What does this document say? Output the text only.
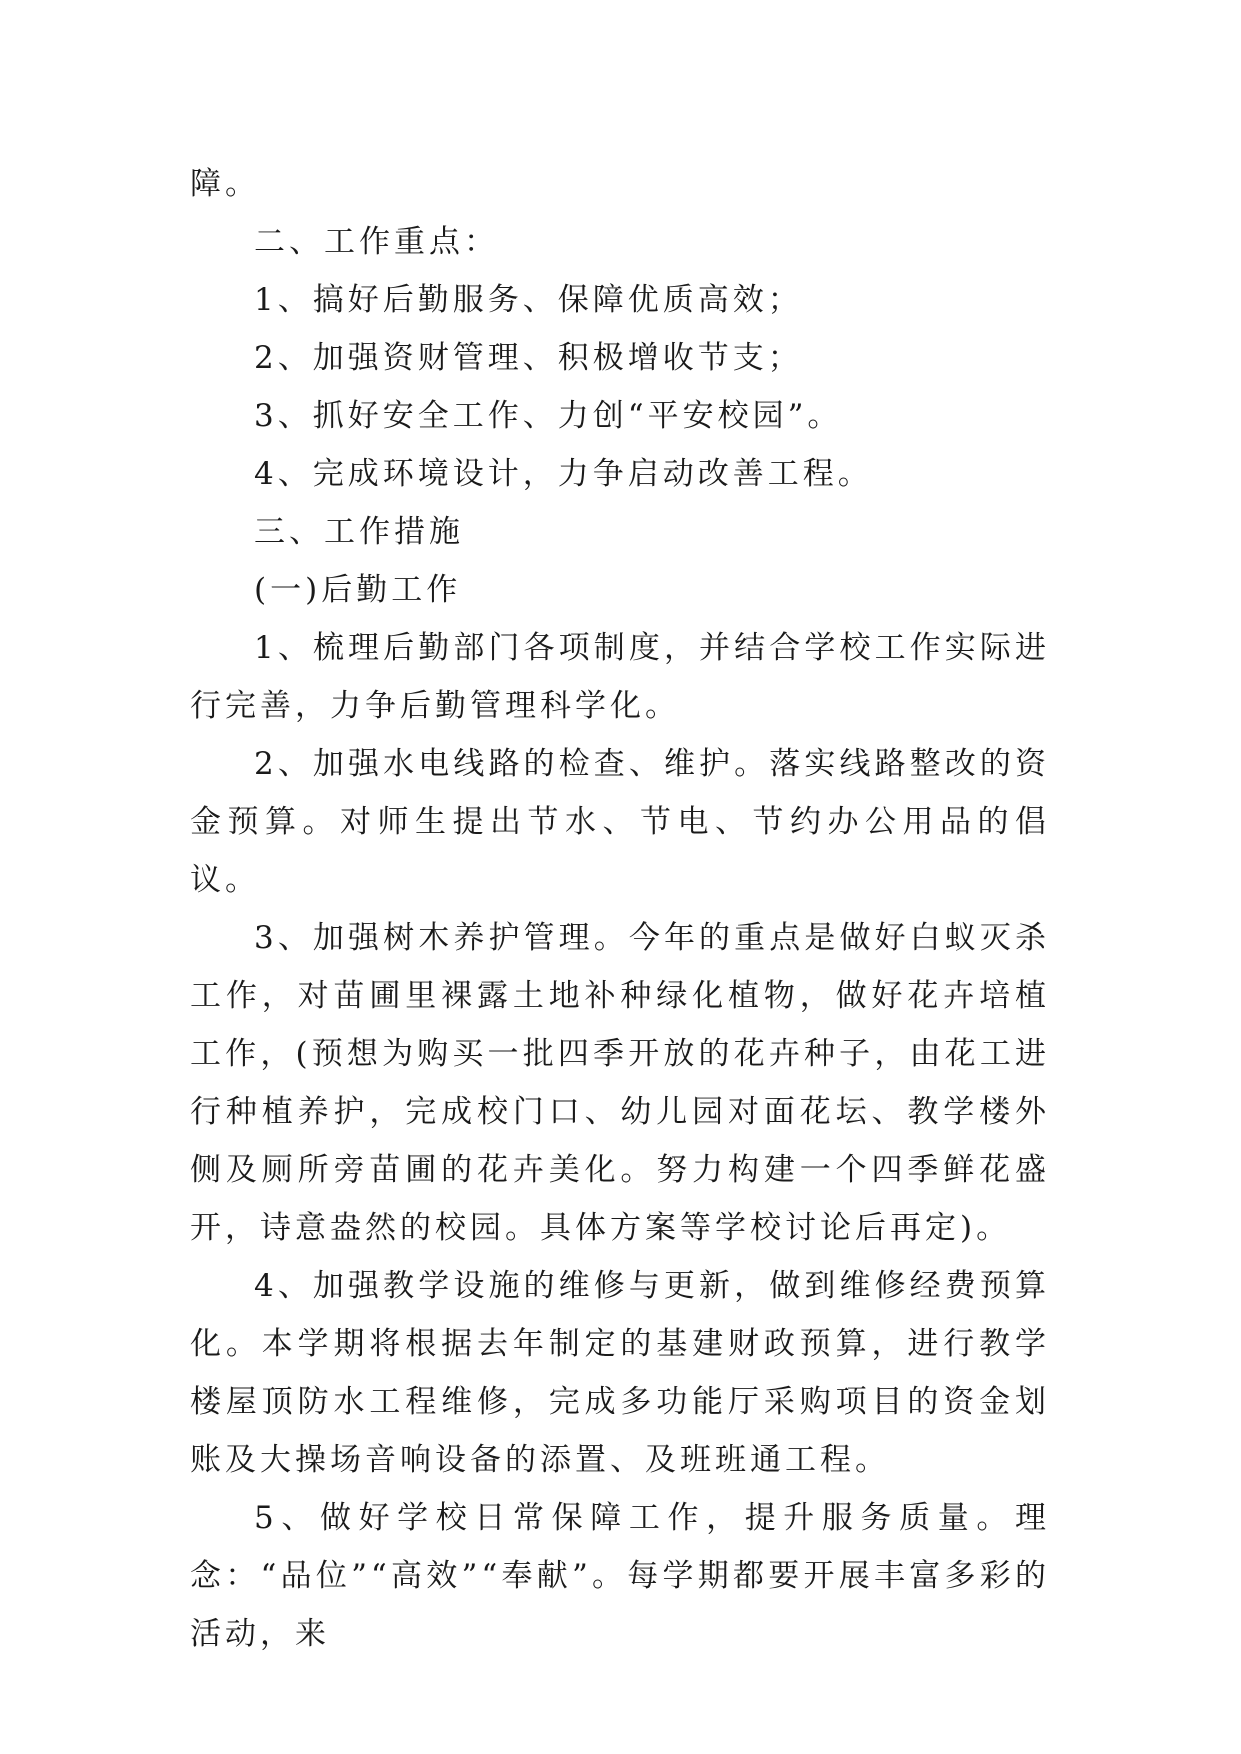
障。

二、工作重点：

1、搞好后勤服务、保障优质高效；

2、加强资财管理、积极增收节支；

3、抓好安全工作、力创“平安校园”。

4、完成环境设计，力争启动改善工程。

三、工作措施

(一)后勤工作

1、梳理后勤部门各项制度，并结合学校工作实际进行完善，力争后勤管理科学化。

2、加强水电线路的检查、维护。落实线路整改的资金预算。对师生提出节水、节电、节约办公用品的倡议。

3、加强树木养护管理。今年的重点是做好白蚁灭杀工作，对苗圃里裸露土地补种绿化植物，做好花卉培植工作，(预想为购买一批四季开放的花卉种子，由花工进行种植养护，完成校门口、幼儿园对面花坛、教学楼外侧及厕所旁苗圃的花卉美化。努力构建一个四季鲜花盛开，诗意盎然的校园。具体方案等学校讨论后再定)。

4、加强教学设施的维修与更新，做到维修经费预算化。本学期将根据去年制定的基建财政预算，进行教学楼屋顶防水工程维修，完成多功能厅采购项目的资金划账及大操场音响设备的添置、及班班通工程。

5、做好学校日常保障工作，提升服务质量。理念：“品位”“高效”“奉献”。每学期都要开展丰富多彩的活动，来
